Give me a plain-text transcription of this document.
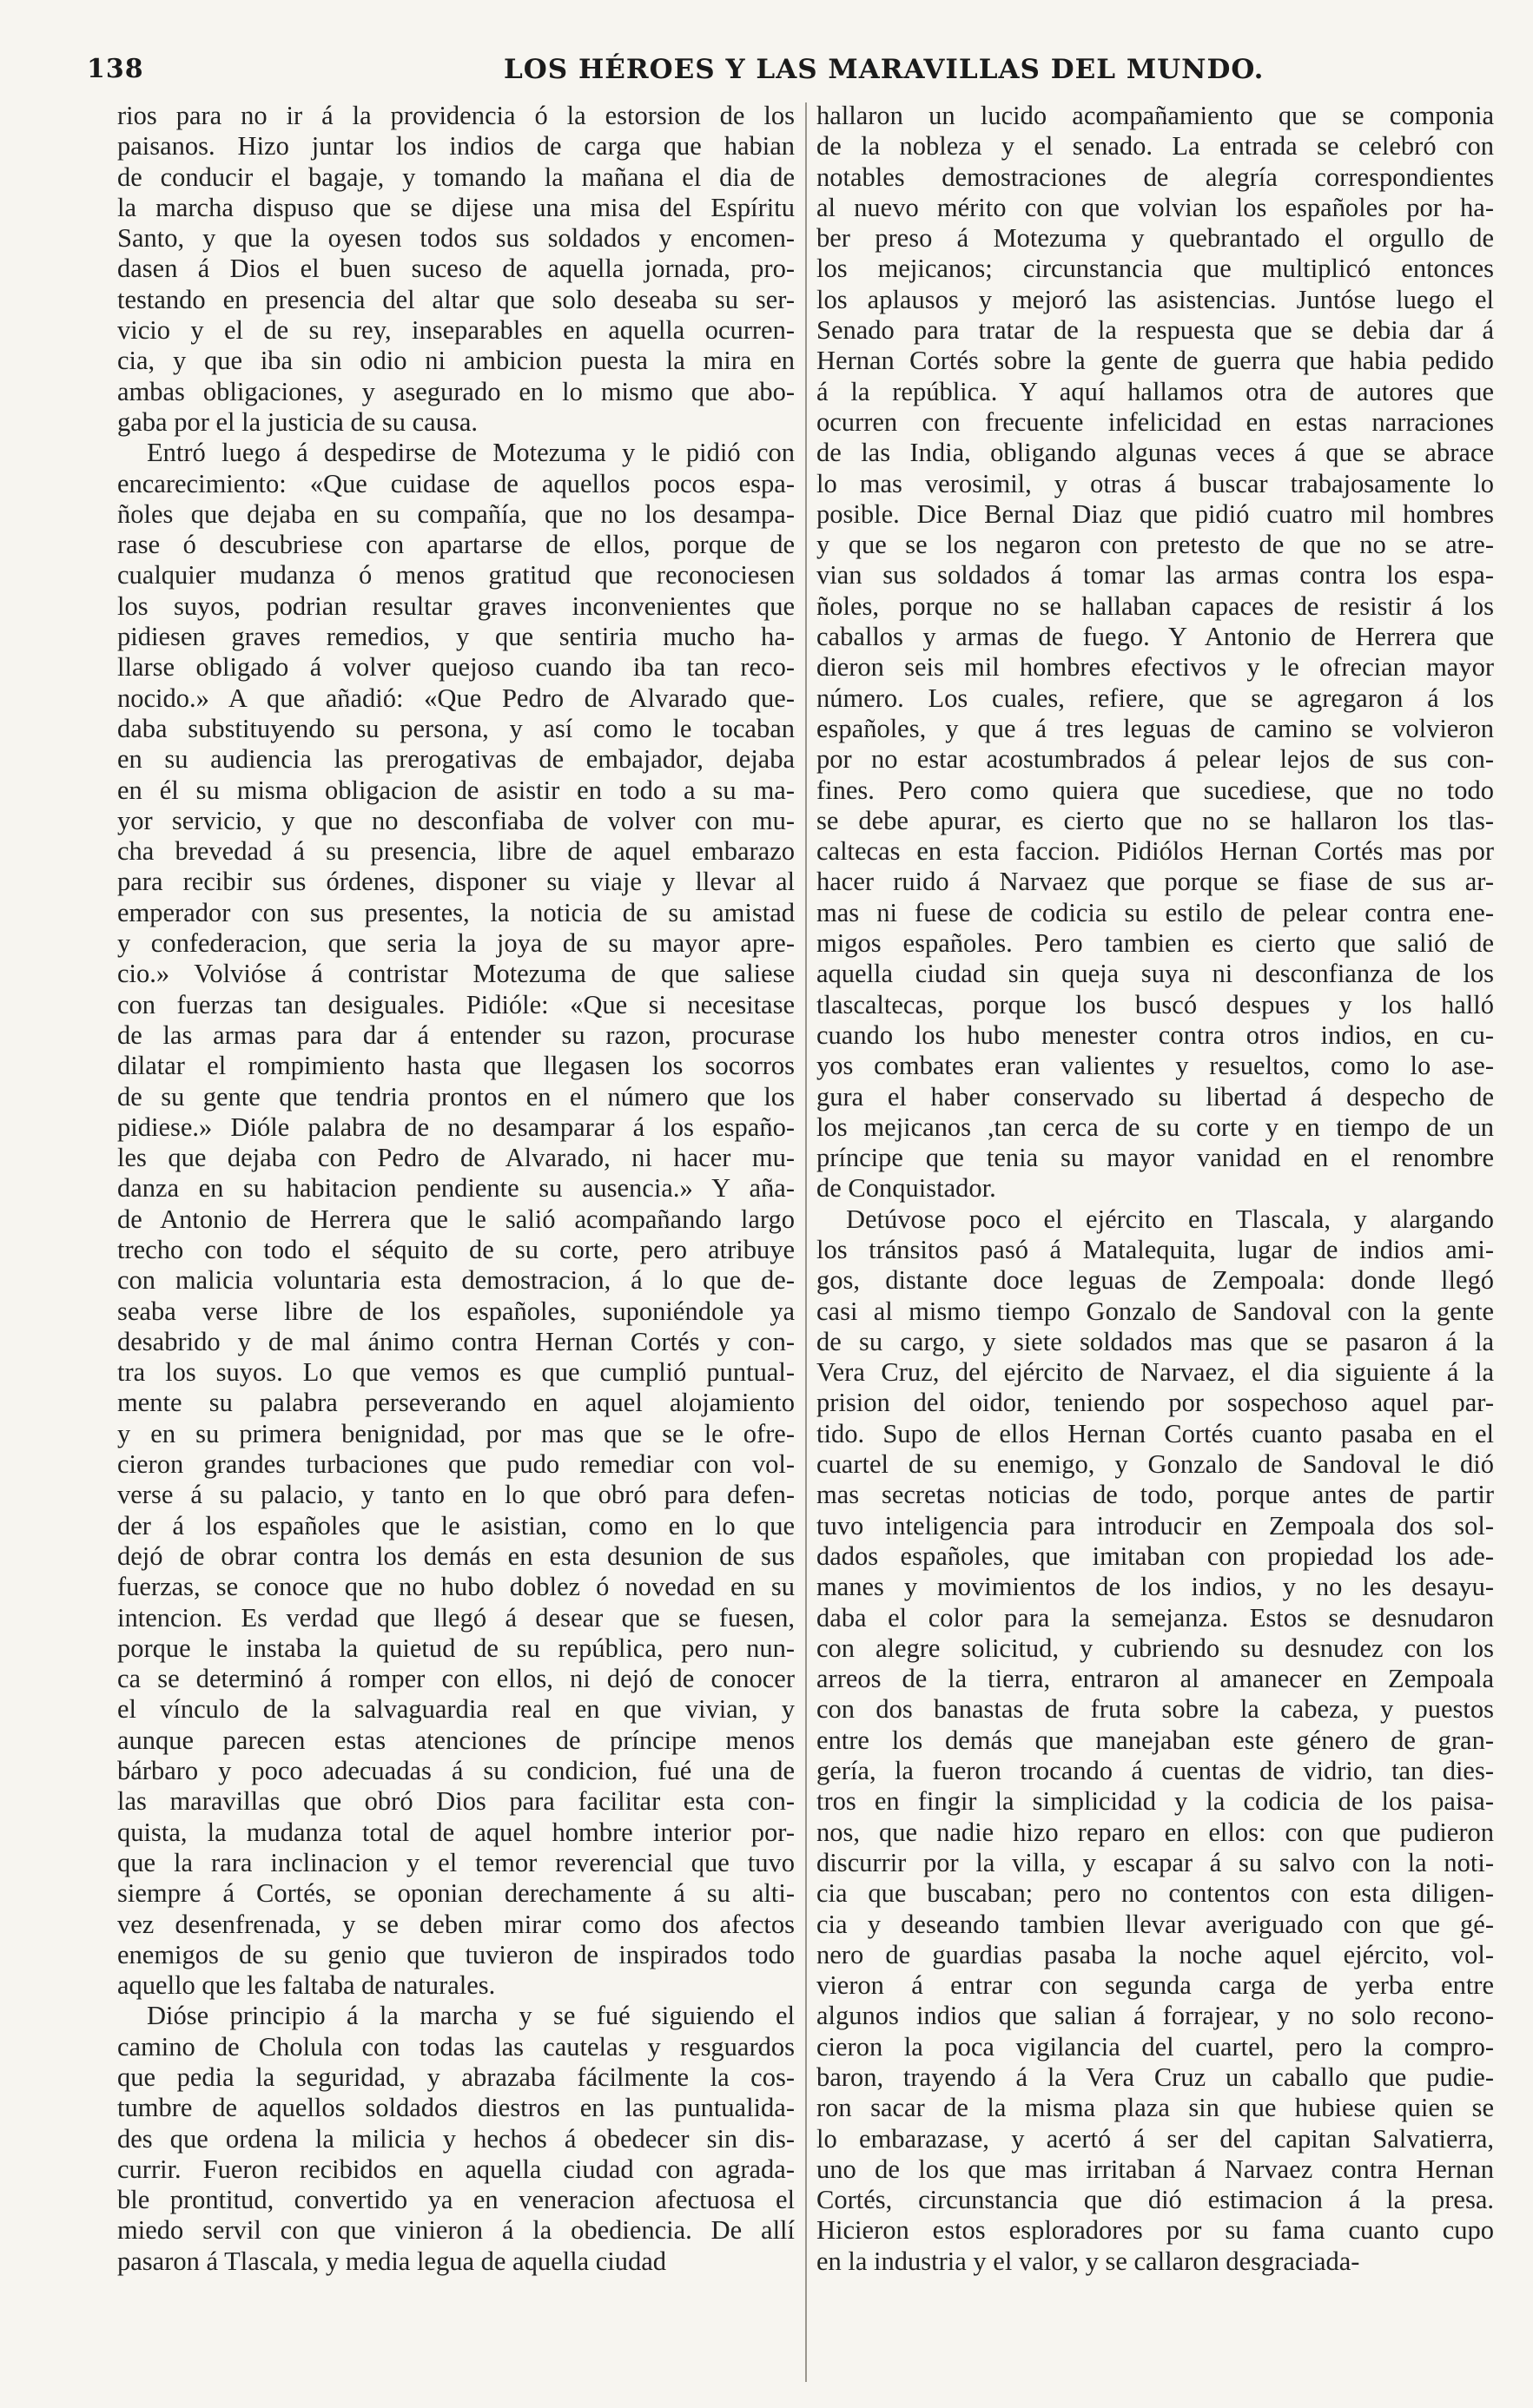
138	LOS HÉROES Y LAS MARAVILLAS DEL MUNDO.
rios para no ir á la providencia ó la estorsion de los
paisanos. Hizo juntar los indios de carga que habian
de conducir el bagaje, y tomando la mañana el dia de
la marcha dispuso que se dijese una misa del Espíritu
Santo, y que la oyesen todos sus soldados y encomen-
dasen á Dios el buen suceso de aquella jornada, pro-
testando en presencia del altar que solo deseaba su ser-
vicio y el de su rey, inseparables en aquella ocurren-
cia, y que iba sin odio ni ambicion puesta la mira en
ambas obligaciones, y asegurado en lo mismo que abo-
gaba por el la justicia de su causa.
Entró luego á despedirse de Motezuma y le pidió con
encarecimiento: «Que cuidase de aquellos pocos espa-
ñoles que dejaba en su compañía, que no los desampa-
rase ó descubriese con apartarse de ellos, porque de
cualquier mudanza ó menos gratitud que reconociesen
los suyos, podrian resultar graves inconvenientes que
pidiesen graves remedios, y que sentiria mucho ha-
llarse obligado á volver quejoso cuando iba tan reco-
nocido.» A que añadió: «Que Pedro de Alvarado que-
daba substituyendo su persona, y así como le tocaban
en su audiencia las prerogativas de embajador, dejaba
en él su misma obligacion de asistir en todo a su ma-
yor servicio, y que no desconfiaba de volver con mu-
cha brevedad á su presencia, libre de aquel embarazo
para recibir sus órdenes, disponer su viaje y llevar al
emperador con sus presentes, la noticia de su amistad
y confederacion, que seria la joya de su mayor apre-
cio.» Volvióse á contristar Motezuma de que saliese
con fuerzas tan desiguales. Pidióle: «Que si necesitase
de las armas para dar á entender su razon, procurase
dilatar el rompimiento hasta que llegasen los socorros
de su gente que tendria prontos en el número que los
pidiese.» Dióle palabra de no desamparar á los españo-
les que dejaba con Pedro de Alvarado, ni hacer mu-
danza en su habitacion pendiente su ausencia.» Y aña-
de Antonio de Herrera que le salió acompañando largo
trecho con todo el séquito de su corte, pero atribuye
con malicia voluntaria esta demostracion, á lo que de-
seaba verse libre de los españoles, suponiéndole ya
desabrido y de mal ánimo contra Hernan Cortés y con-
tra los suyos. Lo que vemos es que cumplió puntual-
mente su palabra perseverando en aquel alojamiento
y en su primera benignidad, por mas que se le ofre-
cieron grandes turbaciones que pudo remediar con vol-
verse á su palacio, y tanto en lo que obró para defen-
der á los españoles que le asistian, como en lo que
dejó de obrar contra los demás en esta desunion de sus
fuerzas, se conoce que no hubo doblez ó novedad en su
intencion. Es verdad que llegó á desear que se fuesen,
porque le instaba la quietud de su república, pero nun-
ca se determinó á romper con ellos, ni dejó de conocer
el vínculo de la salvaguardia real en que vivian, y
aunque parecen estas atenciones de príncipe menos
bárbaro y poco adecuadas á su condicion, fué una de
las maravillas que obró Dios para facilitar esta con-
quista, la mudanza total de aquel hombre interior por-
que la rara inclinacion y el temor reverencial que tuvo
siempre á Cortés, se oponian derechamente á su alti-
vez desenfrenada, y se deben mirar como dos afectos
enemigos de su genio que tuvieron de inspirados todo
aquello que les faltaba de naturales.
Dióse principio á la marcha y se fué siguiendo el
camino de Cholula con todas las cautelas y resguardos
que pedia la seguridad, y abrazaba fácilmente la cos-
tumbre de aquellos soldados diestros en las puntualida-
des que ordena la milicia y hechos á obedecer sin dis-
currir. Fueron recibidos en aquella ciudad con agrada-
ble prontitud, convertido ya en veneracion afectuosa el
miedo servil con que vinieron á la obediencia. De allí
pasaron á Tlascala, y media legua de aquella ciudad
hallaron un lucido acompañamiento que se componia
de la nobleza y el senado. La entrada se celebró con
notables demostraciones de alegría correspondientes
al nuevo mérito con que volvian los españoles por ha-
ber preso á Motezuma y quebrantado el orgullo de
los mejicanos; circunstancia que multiplicó entonces
los aplausos y mejoró las asistencias. Juntóse luego el
Senado para tratar de la respuesta que se debia dar á
Hernan Cortés sobre la gente de guerra que habia pedido
á la república. Y aquí hallamos otra de autores que
ocurren con frecuente infelicidad en estas narraciones
de las India, obligando algunas veces á que se abrace
lo mas verosimil, y otras á buscar trabajosamente lo
posible. Dice Bernal Diaz que pidió cuatro mil hombres
y que se los negaron con pretesto de que no se atre-
vian sus soldados á tomar las armas contra los espa-
ñoles, porque no se hallaban capaces de resistir á los
caballos y armas de fuego. Y Antonio de Herrera que
dieron seis mil hombres efectivos y le ofrecian mayor
número. Los cuales, refiere, que se agregaron á los
españoles, y que á tres leguas de camino se volvieron
por no estar acostumbrados á pelear lejos de sus con-
fines. Pero como quiera que sucediese, que no todo
se debe apurar, es cierto que no se hallaron los tlas-
caltecas en esta faccion. Pidiólos Hernan Cortés mas por
hacer ruido á Narvaez que porque se fiase de sus ar-
mas ni fuese de codicia su estilo de pelear contra ene-
migos españoles. Pero tambien es cierto que salió de
aquella ciudad sin queja suya ni desconfianza de los
tlascaltecas, porque los buscó despues y los halló
cuando los hubo menester contra otros indios, en cu-
yos combates eran valientes y resueltos, como lo ase-
gura el haber conservado su libertad á despecho de
los mejicanos ,tan cerca de su corte y en tiempo de un
príncipe que tenia su mayor vanidad en el renombre
de Conquistador.
Detúvose poco el ejército en Tlascala, y alargando
los tránsitos pasó á Matalequita, lugar de indios ami-
gos, distante doce leguas de Zempoala: donde llegó
casi al mismo tiempo Gonzalo de Sandoval con la gente
de su cargo, y siete soldados mas que se pasaron á la
Vera Cruz, del ejército de Narvaez, el dia siguiente á la
prision del oidor, teniendo por sospechoso aquel par-
tido. Supo de ellos Hernan Cortés cuanto pasaba en el
cuartel de su enemigo, y Gonzalo de Sandoval le dió
mas secretas noticias de todo, porque antes de partir
tuvo inteligencia para introducir en Zempoala dos sol-
dados españoles, que imitaban con propiedad los ade-
manes y movimientos de los indios, y no les desayu-
daba el color para la semejanza. Estos se desnudaron
con alegre solicitud, y cubriendo su desnudez con los
arreos de la tierra, entraron al amanecer en Zempoala
con dos banastas de fruta sobre la cabeza, y puestos
entre los demás que manejaban este género de gran-
gería, la fueron trocando á cuentas de vidrio, tan dies-
tros en fingir la simplicidad y la codicia de los paisa-
nos, que nadie hizo reparo en ellos: con que pudieron
discurrir por la villa, y escapar á su salvo con la noti-
cia que buscaban; pero no contentos con esta diligen-
cia y deseando tambien llevar averiguado con que gé-
nero de guardias pasaba la noche aquel ejército, vol-
vieron á entrar con segunda carga de yerba entre
algunos indios que salian á forrajear, y no solo recono-
cieron la poca vigilancia del cuartel, pero la compro-
baron, trayendo á la Vera Cruz un caballo que pudie-
ron sacar de la misma plaza sin que hubiese quien se
lo embarazase, y acertó á ser del capitan Salvatierra,
uno de los que mas irritaban á Narvaez contra Hernan
Cortés, circunstancia que dió estimacion á la presa.
Hicieron estos esploradores por su fama cuanto cupo
en la industria y el valor, y se callaron desgraciada-
